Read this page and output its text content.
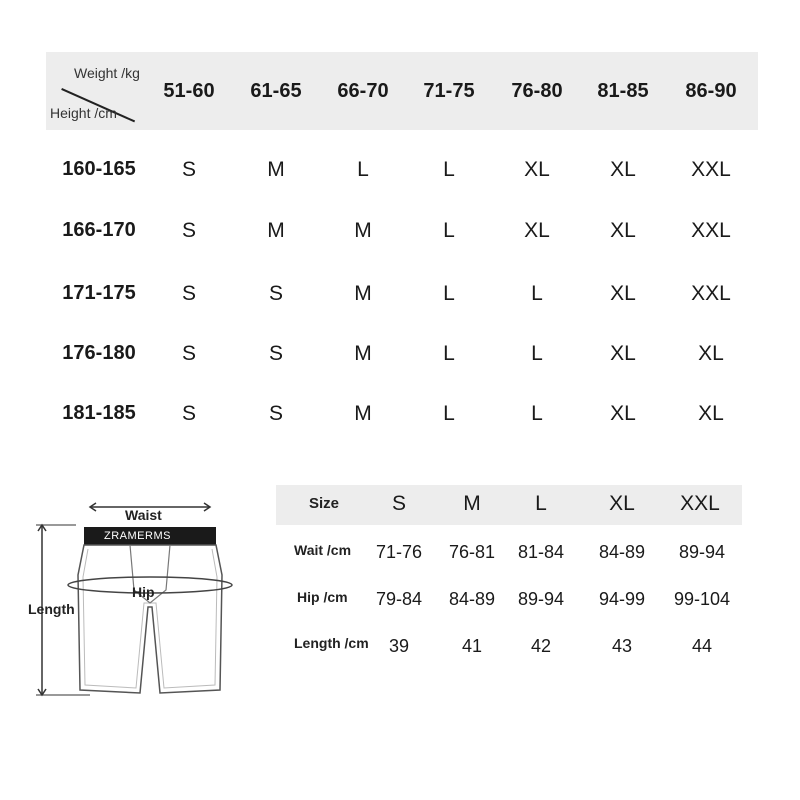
Weight /kg
Height /cm
51-60	61-65	66-70	71-75	76-80	81-85	86-90
160-165	S	M	L	L	XL	XL	XXL
166-170	S	M	M	L	XL	XL	XXL
171-175	S	S	M	L	L	XL	XXL
176-180	S	S	M	L	L	XL	XL
181-185	S	S	M	L	L	XL	XL
Waist
ZRAMERMS
Hip
Length
Size	S	M	L	XL	XXL
Wait /cm	71-76	76-81	81-84	84-89	89-94
Hip /cm	79-84	84-89	89-94	94-99	99-104
Length /cm	39	41	42	43	44
